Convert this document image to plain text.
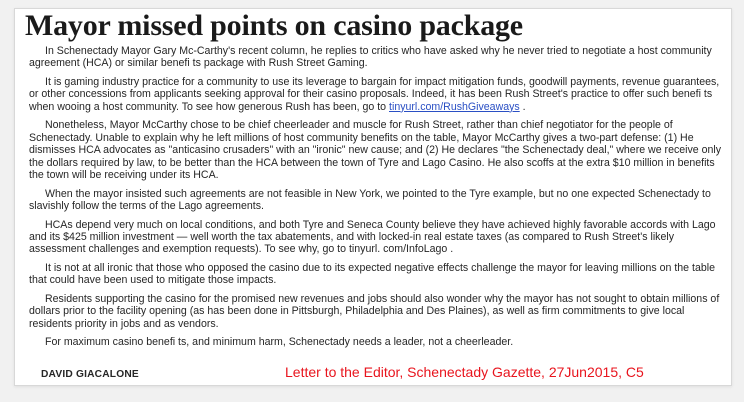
Mayor missed points on casino package

In Schenectady Mayor Gary Mc-Carthy's recent column, he replies to critics who have asked why he never tried to negotiate a host community agreement (HCA) or similar benefi ts package with Rush Street Gaming.

It is gaming industry practice for a community to use its leverage to bargain for impact mitigation funds, goodwill payments, revenue guarantees, or other concessions from applicants seeking approval for their casino proposals. Indeed, it has been Rush Street's practice to offer such benefi ts when wooing a host community. To see how generous Rush has been, go to tinyurl.com/RushGiveaways .

Nonetheless, Mayor McCarthy chose to be chief cheerleader and muscle for Rush Street, rather than chief negotiator for the people of Schenectady. Unable to explain why he left millions of host community benefits on the table, Mayor McCarthy gives a two-part defense: (1) He dismisses HCA advocates as "anticasino crusaders" with an "ironic" new cause; and (2) He declares "the Schenectady deal," where we receive only the dollars required by law, to be better than the HCA between the town of Tyre and Lago Casino. He also scoffs at the extra $10 million in benefits the town will be receiving under its HCA.

When the mayor insisted such agreements are not feasible in New York, we pointed to the Tyre example, but no one expected Schenectady to slavishly follow the terms of the Lago agreements.

HCAs depend very much on local conditions, and both Tyre and Seneca County believe they have achieved highly favorable accords with Lago and its $425 million investment — well worth the tax abatements, and with locked-in real estate taxes (as compared to Rush Street's likely assessment challenges and exemption requests). To see why, go to tinyurl. com/InfoLago .

It is not at all ironic that those who opposed the casino due to its expected negative effects challenge the mayor for leaving millions on the table that could have been used to mitigate those impacts.

Residents supporting the casino for the promised new revenues and jobs should also wonder why the mayor has not sought to obtain millions of dollars prior to the facility opening (as has been done in Pittsburgh, Philadelphia and Des Plaines), as well as firm commitments to give local residents priority in jobs and as vendors.

For maximum casino benefi ts, and minimum harm, Schenectady needs a leader, not a cheerleader.

DAVID GIACALONE	Letter to the Editor, Schenectady Gazette, 27Jun2015, C5
